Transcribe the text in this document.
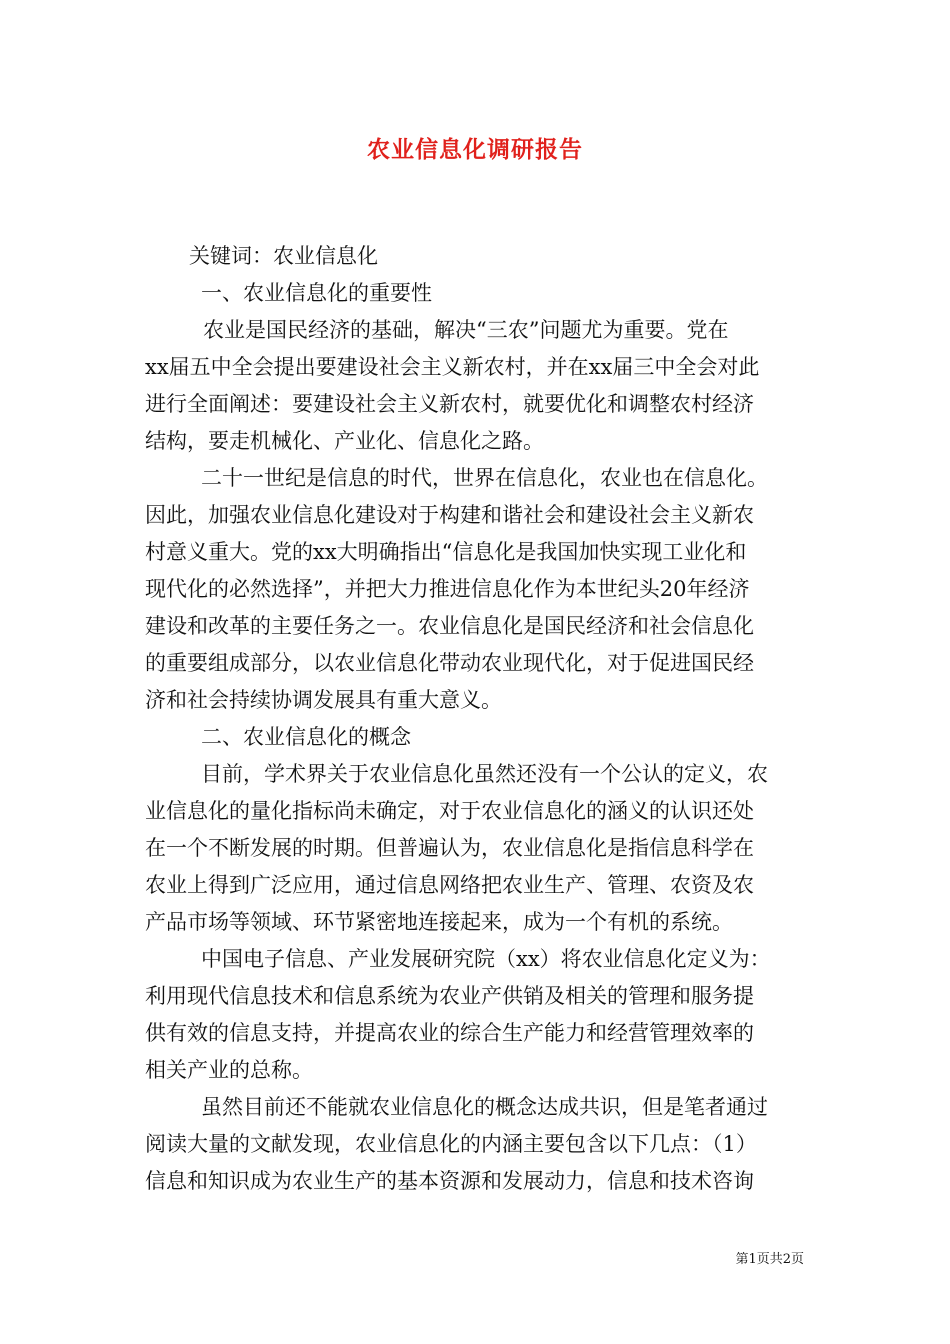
农业信息化调研报告

关键词：农业信息化

一、农业信息化的重要性

农业是国民经济的基础，解决“三农”问题尤为重要。党在

xx届五中全会提出要建设社会主义新农村，并在xx届三中全会对此

进行全面阐述：要建设社会主义新农村，就要优化和调整农村经济

结构，要走机械化、产业化、信息化之路。

二十一世纪是信息的时代，世界在信息化，农业也在信息化。

因此，加强农业信息化建设对于构建和谐社会和建设社会主义新农

村意义重大。党的xx大明确指出“信息化是我国加快实现工业化和

现代化的必然选择”，并把大力推进信息化作为本世纪头20年经济

建设和改革的主要任务之一。农业信息化是国民经济和社会信息化

的重要组成部分，以农业信息化带动农业现代化，对于促进国民经

济和社会持续协调发展具有重大意义。

二、农业信息化的概念

目前，学术界关于农业信息化虽然还没有一个公认的定义，农

业信息化的量化指标尚未确定，对于农业信息化的涵义的认识还处

在一个不断发展的时期。但普遍认为，农业信息化是指信息科学在

农业上得到广泛应用，通过信息网络把农业生产、管理、农资及农

产品市场等领域、环节紧密地连接起来，成为一个有机的系统。

中国电子信息、产业发展研究院（xx）将农业信息化定义为：

利用现代信息技术和信息系统为农业产供销及相关的管理和服务提

供有效的信息支持，并提高农业的综合生产能力和经营管理效率的

相关产业的总称。

虽然目前还不能就农业信息化的概念达成共识，但是笔者通过

阅读大量的文献发现，农业信息化的内涵主要包含以下几点：（1）

信息和知识成为农业生产的基本资源和发展动力，信息和技术咨询

第1页共2页
